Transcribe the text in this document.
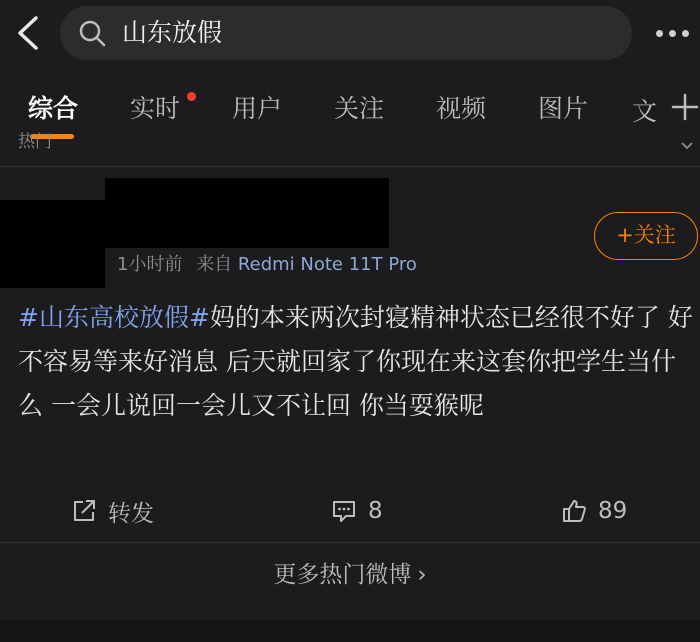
山东放假
综合 实时 用户 关注 视频 图片 文
热门
1小时前 来自 Redmi Note 11T Pro
+关注
#山东高校放假#妈的本来两次封寝精神状态已经很不好了 好不容易等来好消息 后天就回家了你现在来这套你把学生当什么 一会儿说回一会儿又不让回 你当耍猴呢
转发	8	89
更多热门微博 ›
